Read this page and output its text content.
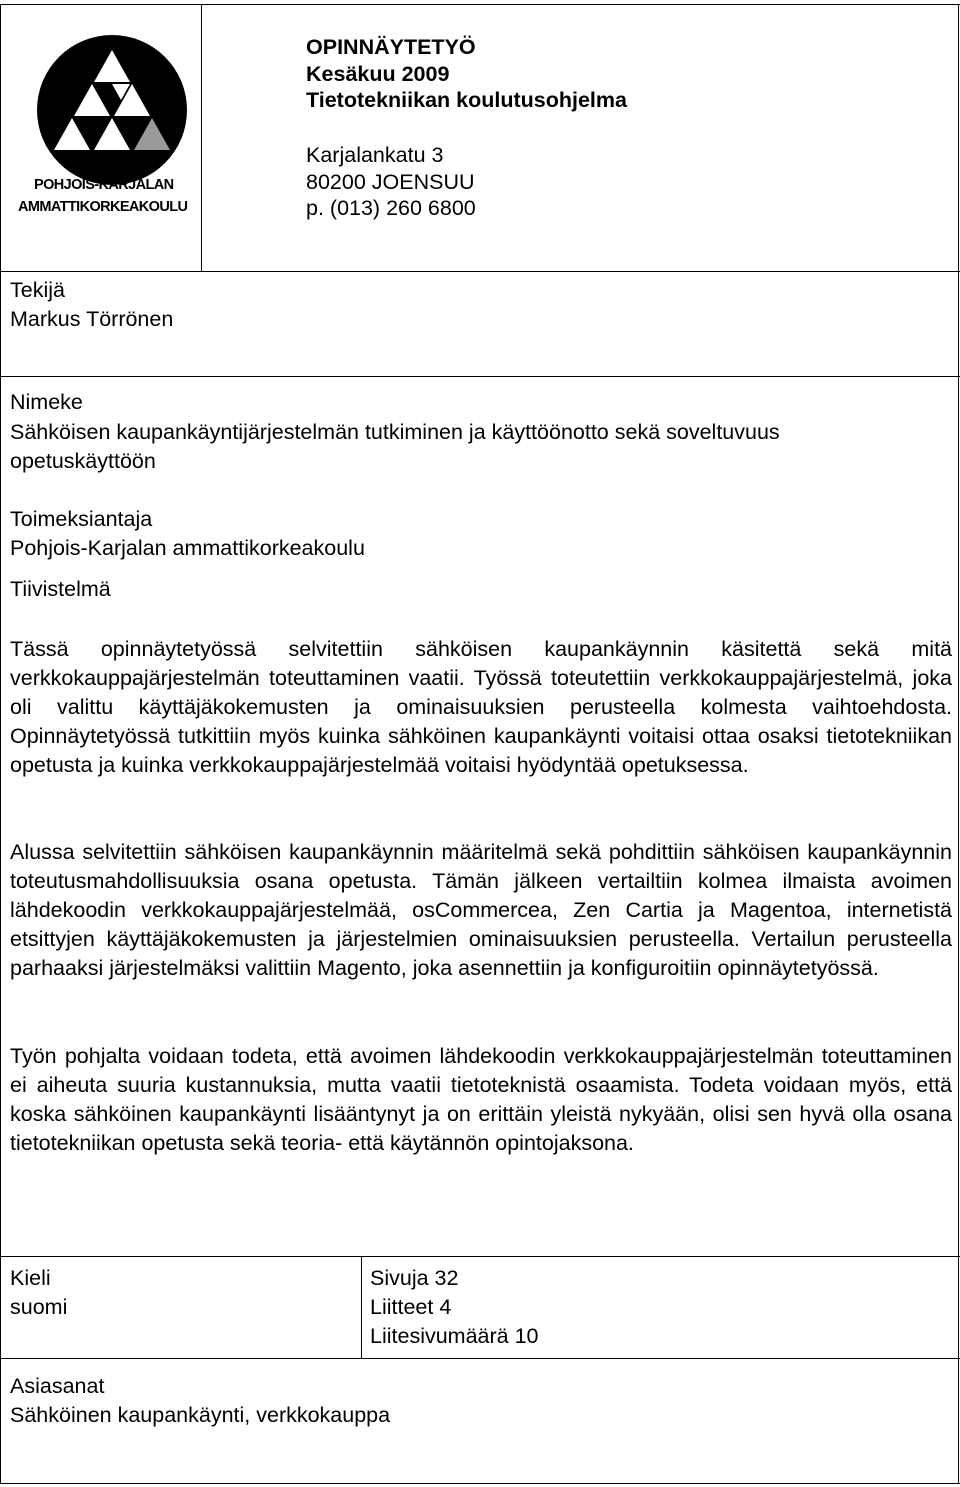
POHJOIS-KARJALAN
AMMATTIKORKEAKOULU
OPINNÄYTETYÖ
Kesäkuu 2009
Tietotekniikan koulutusohjelma
Karjalankatu 3
80200 JOENSUU
p. (013) 260 6800
Tekijä
Markus Törrönen
Nimeke
Sähköisen kaupankäyntijärjestelmän tutkiminen ja käyttöönotto sekä soveltuvuus
opetuskäyttöön
Toimeksiantaja
Pohjois-Karjalan ammattikorkeakoulu
Tiivistelmä
Tässä opinnäytetyössä selvitettiin sähköisen kaupankäynnin käsitettä sekä mitä verkkokauppajärjestelmän toteuttaminen vaatii. Työssä toteutettiin verkkokauppajärjestelmä, joka oli valittu käyttäjäkokemusten ja ominaisuuksien perusteella kolmesta vaihtoehdosta. Opinnäytetyössä tutkittiin myös kuinka sähköinen kaupankäynti voitaisi ottaa osaksi tietotekniikan opetusta ja kuinka verkkokauppajärjestelmää voitaisi hyödyntää opetuksessa.
Alussa selvitettiin sähköisen kaupankäynnin määritelmä sekä pohdittiin sähköisen kaupankäynnin toteutusmahdollisuuksia osana opetusta. Tämän jälkeen vertailtiin kolmea ilmaista avoimen lähdekoodin verkkokauppajärjestelmää, osCommercea, Zen Cartia ja Magentoa, internetistä etsittyjen käyttäjäkokemusten ja järjestelmien ominaisuuksien perusteella. Vertailun perusteella parhaaksi järjestelmäksi valittiin Magento, joka asennettiin ja konfiguroitiin opinnäytetyössä.
Työn pohjalta voidaan todeta, että avoimen lähdekoodin verkkokauppajärjestelmän toteuttaminen ei aiheuta suuria kustannuksia, mutta vaatii tietoteknistä osaamista. Todeta voidaan myös, että koska sähköinen kaupankäynti lisääntynyt ja on erittäin yleistä nykyään, olisi sen hyvä olla osana tietotekniikan opetusta sekä teoria- että käytännön opintojaksona.
Kieli
suomi
Sivuja 32
Liitteet 4
Liitesivumäärä 10
Asiasanat
Sähköinen kaupankäynti, verkkokauppa
